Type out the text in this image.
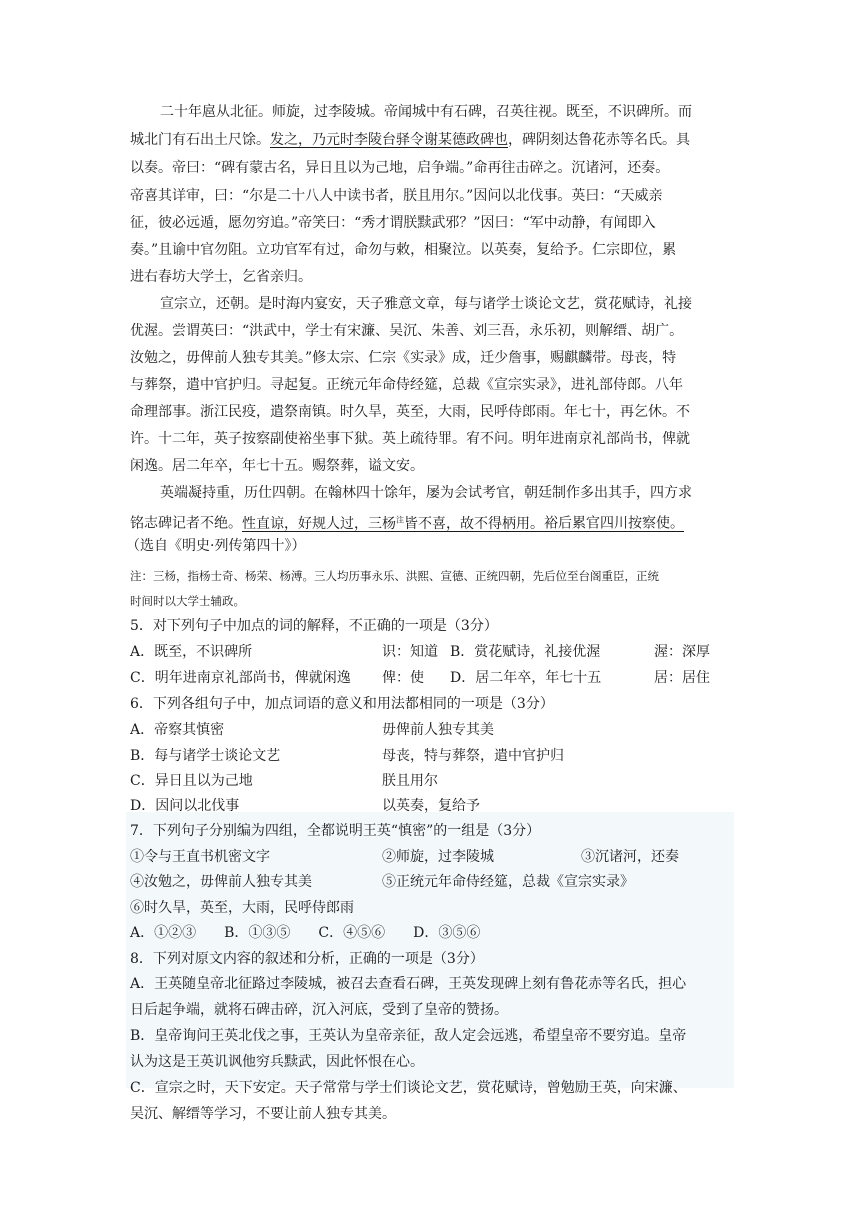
二十年扈从北征。师旋，过李陵城。帝闻城中有石碑，召英往视。既至，不识碑所。而
城北门有石出土尺馀。发之，乃元时李陵台驿令谢某德政碑也，碑阴刻达鲁花赤等名氏。具
以奏。帝曰：“碑有蒙古名，异日且以为己地，启争端。”命再往击碎之。沉诸河，还奏。
帝喜其详审，曰：“尔是二十八人中读书者，朕且用尔。”因问以北伐事。英曰：“天威亲
征，彼必远遁，愿勿穷追。”帝笑曰：“秀才谓朕黩武邪？”因曰：“军中动静，有闻即入
奏。”且谕中官勿阻。立功官军有过，命勿与敕，相聚泣。以英奏，复给予。仁宗即位，累
进右春坊大学士，乞省亲归。
宣宗立，还朝。是时海内宴安，天子雅意文章，每与诸学士谈论文艺，赏花赋诗，礼接
优渥。尝谓英曰：“洪武中，学士有宋濂、吴沉、朱善、刘三吾，永乐初，则解缙、胡广。
汝勉之，毋俾前人独专其美。”修太宗、仁宗《实录》成，迁少詹事，赐麒麟带。母丧，特
与葬祭，遣中官护归。寻起复。正统元年命侍经筵，总裁《宣宗实录》，进礼部侍郎。八年
命理部事。浙江民疫，遣祭南镇。时久旱，英至，大雨，民呼侍郎雨。年七十，再乞休。不
许。十二年，英子按察副使裕坐事下狱。英上疏待罪。宥不问。明年进南京礼部尚书，俾就
闲逸。居二年卒，年七十五。赐祭葬，谥文安。
英端凝持重，历仕四朝。在翰林四十馀年，屡为会试考官，朝廷制作多出其手，四方求
铭志碑记者不绝。性直谅，好规人过，三杨$^注$皆不喜，故不得柄用。裕后累官四川按察使。
（选自《明史·列传第四十》）
注：三杨，指杨士奇、杨荣、杨溥。三人均历事永乐、洪熙、宣德、正统四朝，先后位至台阁重臣，正统
时间时以大学士辅政。
5．对下列句子中加点的词的解释，不正确的一项是（3分）
A．既至，不识碑所	识：知道 B．赏花赋诗，礼接优渥	渥：深厚
C．明年进南京礼部尚书，俾就闲逸 俾：使 D．居二年卒，年七十五	居：居住
6．下列各组句子中，加点词语的意义和用法都相同的一项是（3分）
A．帝察其慎密	毋俾前人独专其美
B．每与诸学士谈论文艺	母丧，特与葬祭，遣中官护归
C．异日且以为己地	朕且用尔
D．因问以北伐事	以英奏，复给予
7．下列句子分别编为四组，全都说明王英“慎密”的一组是（3分）
①令与王直书机密文字	②师旋，过李陵城	③沉诸河，还奏
④汝勉之，毋俾前人独专其美	⑤正统元年命侍经筵，总裁《宣宗实录》
⑥时久旱，英至，大雨，民呼侍郎雨
A．①②③　　B．①③⑤　　C．④⑤⑥　　D．③⑤⑥
8．下列对原文内容的叙述和分析，正确的一项是（3分）
A．王英随皇帝北征路过李陵城，被召去查看石碑，王英发现碑上刻有鲁花赤等名氏，担心
日后起争端，就将石碑击碎，沉入河底，受到了皇帝的赞扬。
B．皇帝询问王英北伐之事，王英认为皇帝亲征，敌人定会远逃，希望皇帝不要穷追。皇帝
认为这是王英讥讽他穷兵黩武，因此怀恨在心。
C．宣宗之时，天下安定。天子常常与学士们谈论文艺，赏花赋诗，曾勉励王英，向宋濂、
吴沉、解缙等学习，不要让前人独专其美。
